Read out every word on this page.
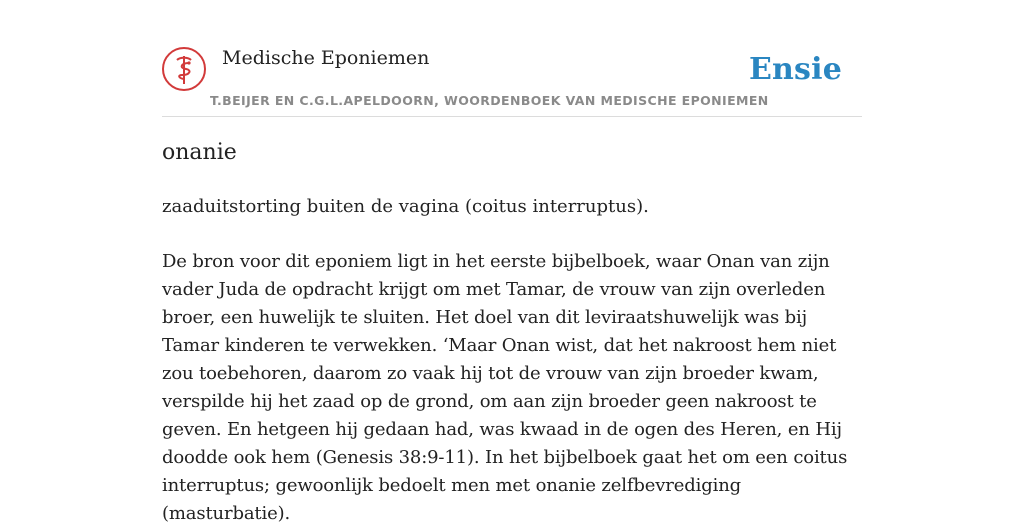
Medische Eponiemen
T.BEIJER EN C.G.L.APELDOORN, WOORDENBOEK VAN MEDISCHE EPONIEMEN
Ensie
onanie
zaaduitstorting buiten de vagina (coitus interruptus).
De bron voor dit eponiem ligt in het eerste bijbelboek, waar Onan van zijn vader Juda de opdracht krijgt om met Tamar, de vrouw van zijn overleden broer, een huwelijk te sluiten. Het doel van dit leviraatshuwelijk was bij Tamar kinderen te verwekken. ‘Maar Onan wist, dat het nakroost hem niet zou toebehoren, daarom zo vaak hij tot de vrouw van zijn broeder kwam, verspilde hij het zaad op de grond, om aan zijn broeder geen nakroost te geven. En hetgeen hij gedaan had, was kwaad in de ogen des Heren, en Hij doodde ook hem (Genesis 38:9-11). In het bijbelboek gaat het om een coitus interruptus; gewoonlijk bedoelt men met onanie zelfbevrediging (masturbatie).
